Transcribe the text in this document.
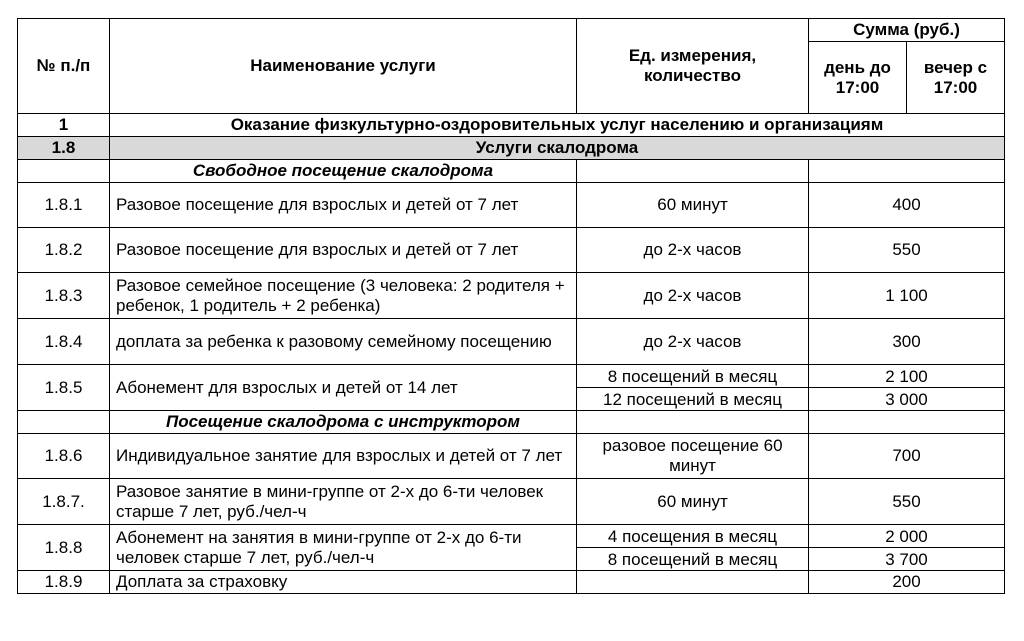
№ п./п	Наименование услуги	Ед. измерения, количество	Сумма (руб.)	
			день до 17:00	вечер с 17:00
1	Оказание физкультурно-оздоровительных услуг населению и организациям			
1.8	Услуги скалодрома			
	Свободное посещение скалодрома			
1.8.1	Разовое посещение для взрослых и детей от 7 лет	60 минут	400	
1.8.2	Разовое посещение для взрослых и детей от 7 лет	до 2-х часов	550	
1.8.3	Разовое семейное посещение (3 человека: 2 родителя + ребенок, 1 родитель + 2 ребенка)	до 2-х часов	1 100	
1.8.4	доплата за ребенка к разовому семейному посещению	до 2-х часов	300	
1.8.5	Абонемент для взрослых и детей от 14 лет	8 посещений в месяц	2 100	
		12 посещений в месяц	3 000	
	Посещение скалодрома с инструктором			
1.8.6	Индивидуальное занятие для взрослых и детей от 7 лет	разовое посещение 60 минут	700	
1.8.7.	Разовое занятие в мини-группе от 2-х до 6-ти человек старше 7 лет, руб./чел-ч	60 минут	550	
1.8.8	Абонемент на занятия в мини-группе от 2-х до 6-ти человек старше 7 лет, руб./чел-ч	4 посещения в месяц	2 000	
		8 посещений в месяц	3 700	
1.8.9	Доплата за страховку		200	
